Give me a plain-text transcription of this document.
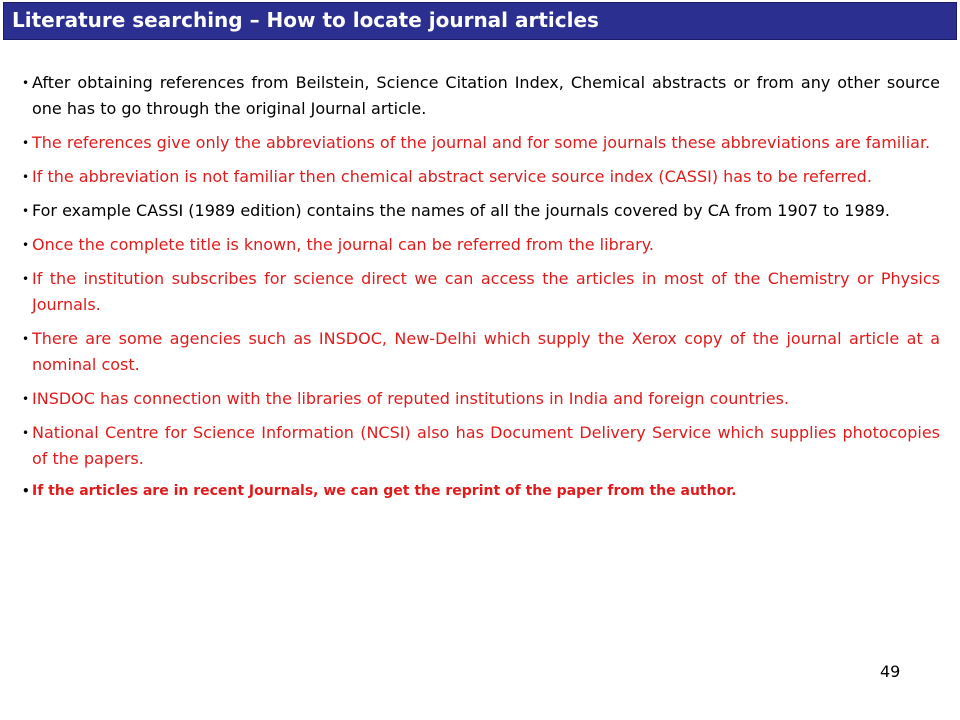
Literature searching – How to locate journal articles
• After obtaining references from Beilstein, Science Citation Index, Chemical abstracts or from any other source one has to go through the original Journal article.
• The references give only the abbreviations of the journal and for some journals these abbreviations are familiar.
• If the abbreviation is not familiar then chemical abstract service source index (CASSI) has to be referred.
• For example CASSI (1989 edition) contains the names of all the journals covered by CA from 1907 to 1989.
• Once the complete title is known, the journal can be referred from the library.
• If the institution subscribes for science direct we can access the articles in most of the Chemistry or Physics Journals.
• There are some agencies such as INSDOC, New-Delhi which supply the Xerox copy of the journal article at a nominal cost.
• INSDOC has connection with the libraries of reputed institutions in India and foreign countries.
• National Centre for Science Information (NCSI) also has Document Delivery Service which supplies photocopies of the papers.
• If the articles are in recent Journals, we can get the reprint of the paper from the author.
49
